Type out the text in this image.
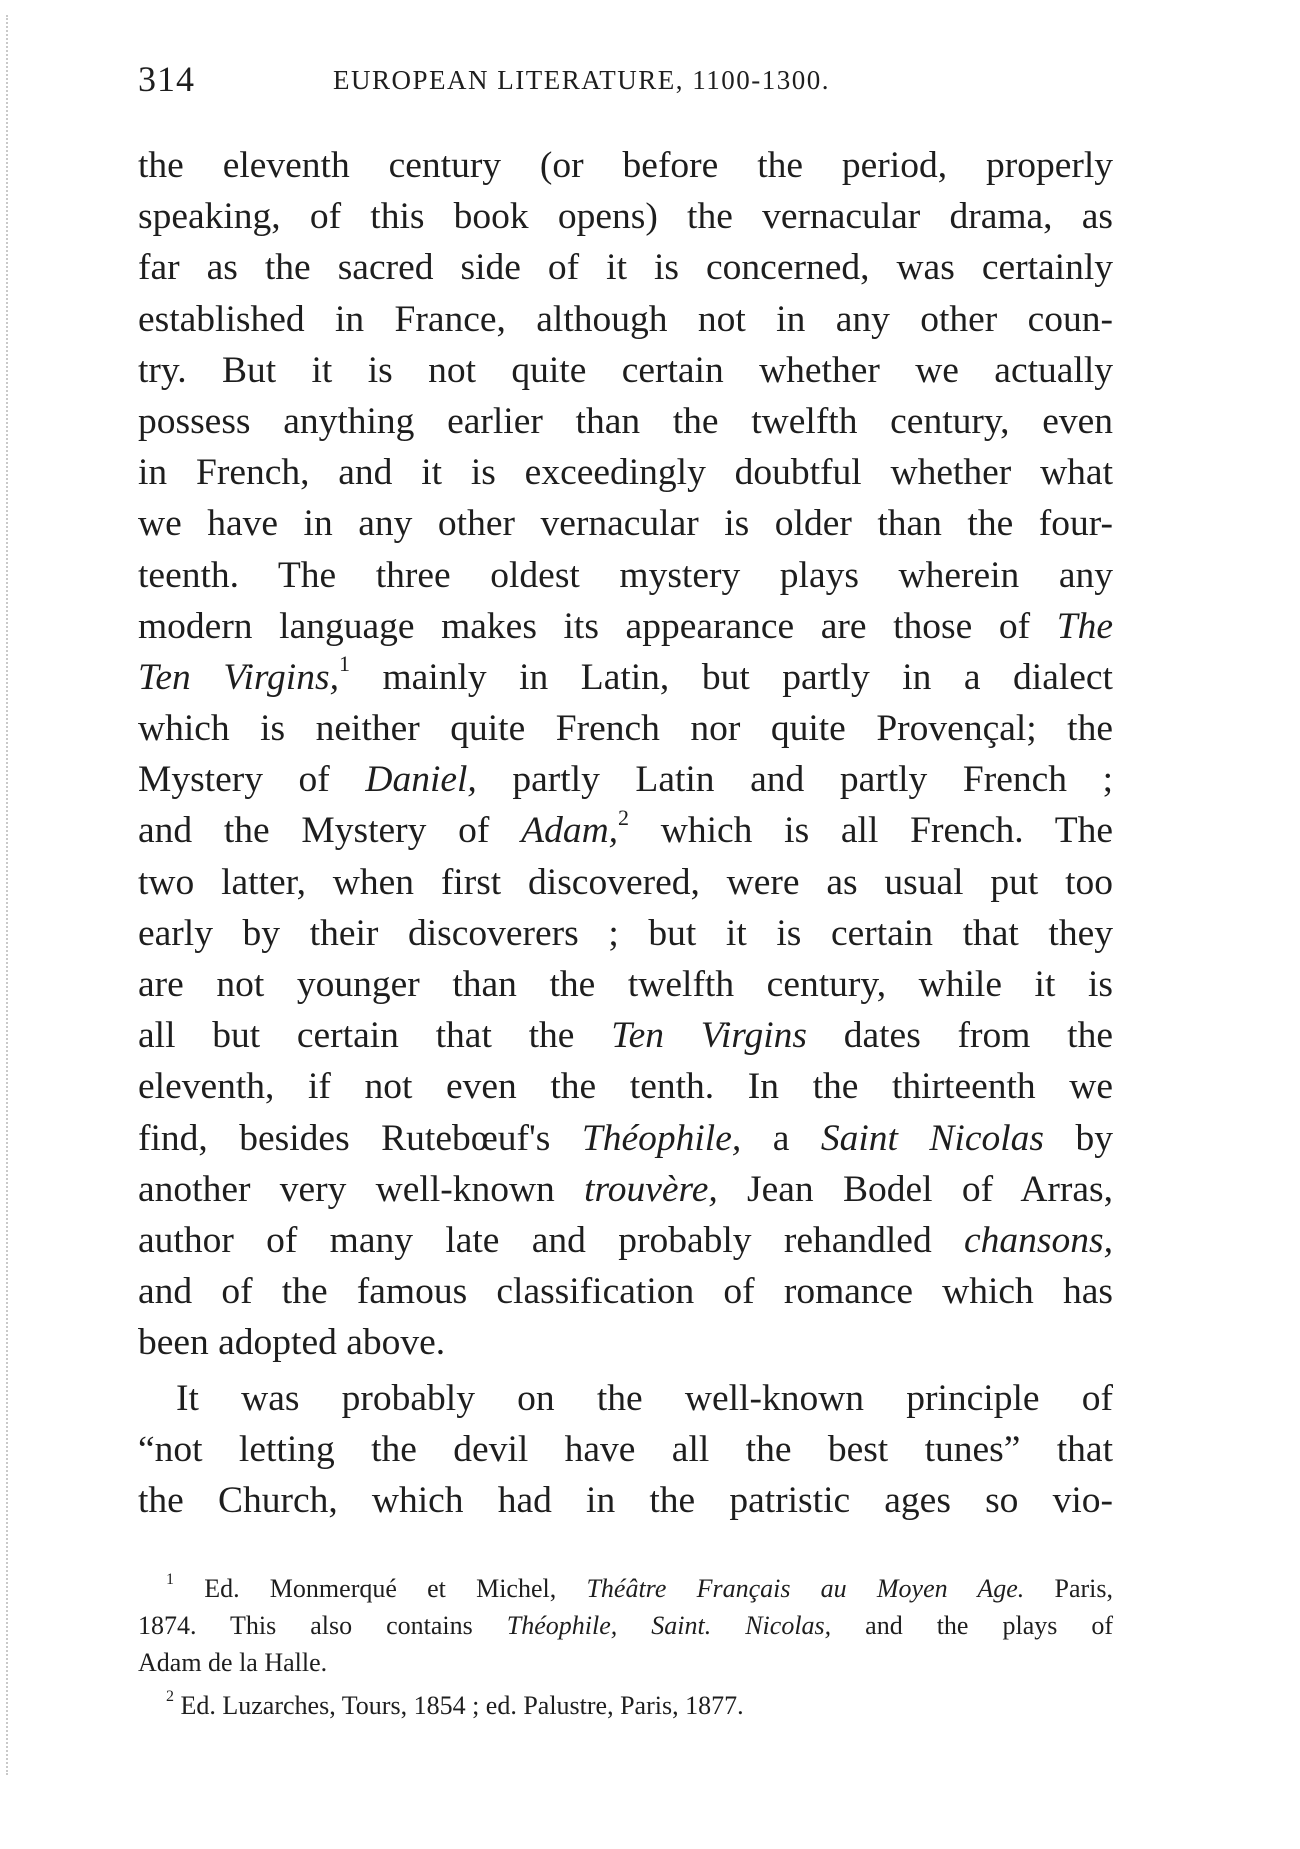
314	EUROPEAN LITERATURE, 1100-1300.
the eleventh century (or before the period, properly
speaking, of this book opens) the vernacular drama, as
far as the sacred side of it is concerned, was certainly
established in France, although not in any other coun-
try. But it is not quite certain whether we actually
possess anything earlier than the twelfth century, even
in French, and it is exceedingly doubtful whether what
we have in any other vernacular is older than the four-
teenth. The three oldest mystery plays wherein any
modern language makes its appearance are those of The
Ten Virgins,$^1$ mainly in Latin, but partly in a dialect
which is neither quite French nor quite Provençal; the
Mystery of Daniel, partly Latin and partly French ;
and the Mystery of Adam,$^2$ which is all French. The
two latter, when first discovered, were as usual put too
early by their discoverers ; but it is certain that they
are not younger than the twelfth century, while it is
all but certain that the Ten Virgins dates from the
eleventh, if not even the tenth. In the thirteenth we
find, besides Rutebœuf's Théophile, a Saint Nicolas by
another very well-known trouvère, Jean Bodel of Arras,
author of many late and probably rehandled chansons,
and of the famous classification of romance which has
been adopted above.
It was probably on the well-known principle of
“not letting the devil have all the best tunes” that
the Church, which had in the patristic ages so vio-
$^1$ Ed. Monmerqué et Michel, Théâtre Français au Moyen Age. Paris,
1874. This also contains Théophile, Saint. Nicolas, and the plays of
Adam de la Halle.
$^2$ Ed. Luzarches, Tours, 1854 ; ed. Palustre, Paris, 1877.
